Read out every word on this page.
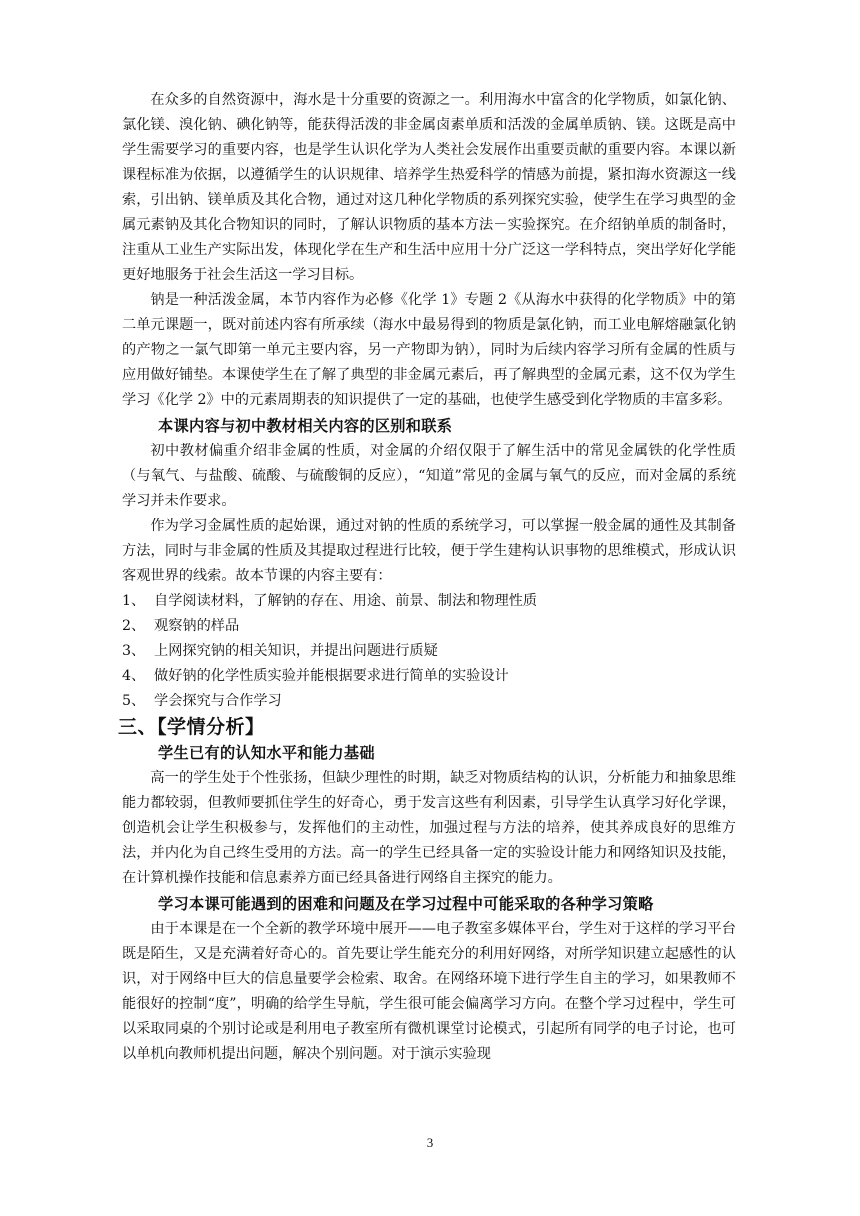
在众多的自然资源中，海水是十分重要的资源之一。利用海水中富含的化学物质，如氯化钠、氯化镁、溴化钠、碘化钠等，能获得活泼的非金属卤素单质和活泼的金属单质钠、镁。这既是高中学生需要学习的重要内容，也是学生认识化学为人类社会发展作出重要贡献的重要内容。本课以新课程标准为依据，以遵循学生的认识规律、培养学生热爱科学的情感为前提，紧扣海水资源这一线索，引出钠、镁单质及其化合物，通过对这几种化学物质的系列探究实验，使学生在学习典型的金属元素钠及其化合物知识的同时，了解认识物质的基本方法－实验探究。在介绍钠单质的制备时，注重从工业生产实际出发，体现化学在生产和生活中应用十分广泛这一学科特点，突出学好化学能更好地服务于社会生活这一学习目标。

钠是一种活泼金属，本节内容作为必修《化学 1》专题 2《从海水中获得的化学物质》中的第二单元课题一，既对前述内容有所承续（海水中最易得到的物质是氯化钠，而工业电解熔融氯化钠的产物之一氯气即第一单元主要内容，另一产物即为钠），同时为后续内容学习所有金属的性质与应用做好铺垫。本课使学生在了解了典型的非金属元素后，再了解典型的金属元素，这不仅为学生学习《化学 2》中的元素周期表的知识提供了一定的基础，也使学生感受到化学物质的丰富多彩。

本课内容与初中教材相关内容的区别和联系

初中教材偏重介绍非金属的性质，对金属的介绍仅限于了解生活中的常见金属铁的化学性质（与氧气、与盐酸、硫酸、与硫酸铜的反应），“知道”常见的金属与氧气的反应，而对金属的系统学习并未作要求。

作为学习金属性质的起始课，通过对钠的性质的系统学习，可以掌握一般金属的通性及其制备方法，同时与非金属的性质及其提取过程进行比较，便于学生建构认识事物的思维模式，形成认识客观世界的线索。故本节课的内容主要有：

1、 自学阅读材料，了解钠的存在、用途、前景、制法和物理性质
2、 观察钠的样品
3、 上网探究钠的相关知识，并提出问题进行质疑
4、 做好钠的化学性质实验并能根据要求进行简单的实验设计
5、 学会探究与合作学习
三、【学情分析】
学生已有的认知水平和能力基础

高一的学生处于个性张扬，但缺少理性的时期，缺乏对物质结构的认识，分析能力和抽象思维能力都较弱，但教师要抓住学生的好奇心，勇于发言这些有利因素，引导学生认真学习好化学课，创造机会让学生积极参与，发挥他们的主动性，加强过程与方法的培养，使其养成良好的思维方法，并内化为自己终生受用的方法。高一的学生已经具备一定的实验设计能力和网络知识及技能，在计算机操作技能和信息素养方面已经具备进行网络自主探究的能力。

学习本课可能遇到的困难和问题及在学习过程中可能采取的各种学习策略

由于本课是在一个全新的教学环境中展开——电子教室多媒体平台，学生对于这样的学习平台既是陌生，又是充满着好奇心的。首先要让学生能充分的利用好网络，对所学知识建立起感性的认识，对于网络中巨大的信息量要学会检索、取舍。在网络环境下进行学生自主的学习，如果教师不能很好的控制“度”，明确的给学生导航，学生很可能会偏离学习方向。在整个学习过程中，学生可以采取同桌的个别讨论或是利用电子教室所有微机课堂讨论模式，引起所有同学的电子讨论，也可以单机向教师机提出问题，解决个别问题。对于演示实验现

3
